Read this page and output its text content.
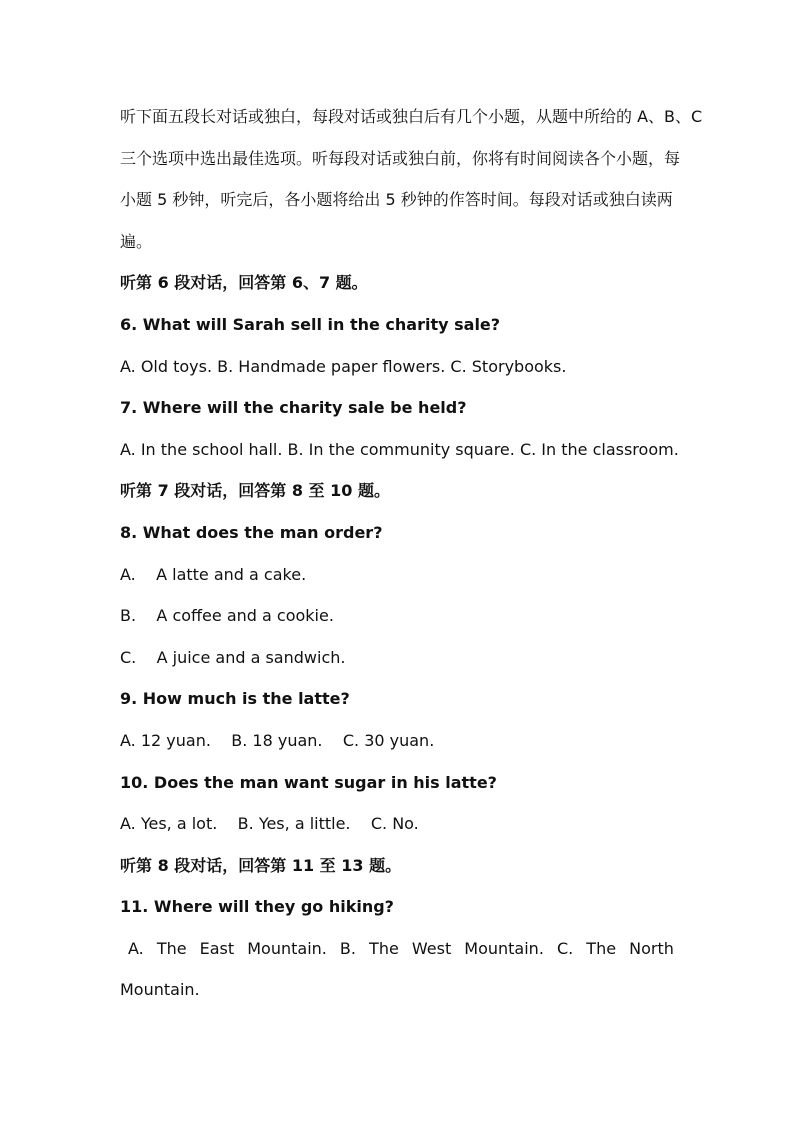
听下面五段长对话或独白，每段对话或独白后有几个小题，从题中所给的 A、B、C
三个选项中选出最佳选项。听每段对话或独白前，你将有时间阅读各个小题，每
小题 5 秒钟，听完后，各小题将给出 5 秒钟的作答时间。每段对话或独白读两
遍。
听第 6 段对话，回答第 6、7 题。
6. What will Sarah sell in the charity sale?
A. Old toys. B. Handmade paper flowers. C. Storybooks.
7. Where will the charity sale be held?
A. In the school hall. B. In the community square. C. In the classroom.
听第 7 段对话，回答第 8 至 10 题。
8. What does the man order?
A.    A latte and a cake.
B.    A coffee and a cookie.
C.    A juice and a sandwich.
9. How much is the latte?
A. 12 yuan.    B. 18 yuan.    C. 30 yuan.
10. Does the man want sugar in his latte?
A. Yes, a lot.    B. Yes, a little.    C. No.
听第 8 段对话，回答第 11 至 13 题。
11. Where will they go hiking?
A. The East Mountain. B. The West Mountain. C. The North
Mountain.
